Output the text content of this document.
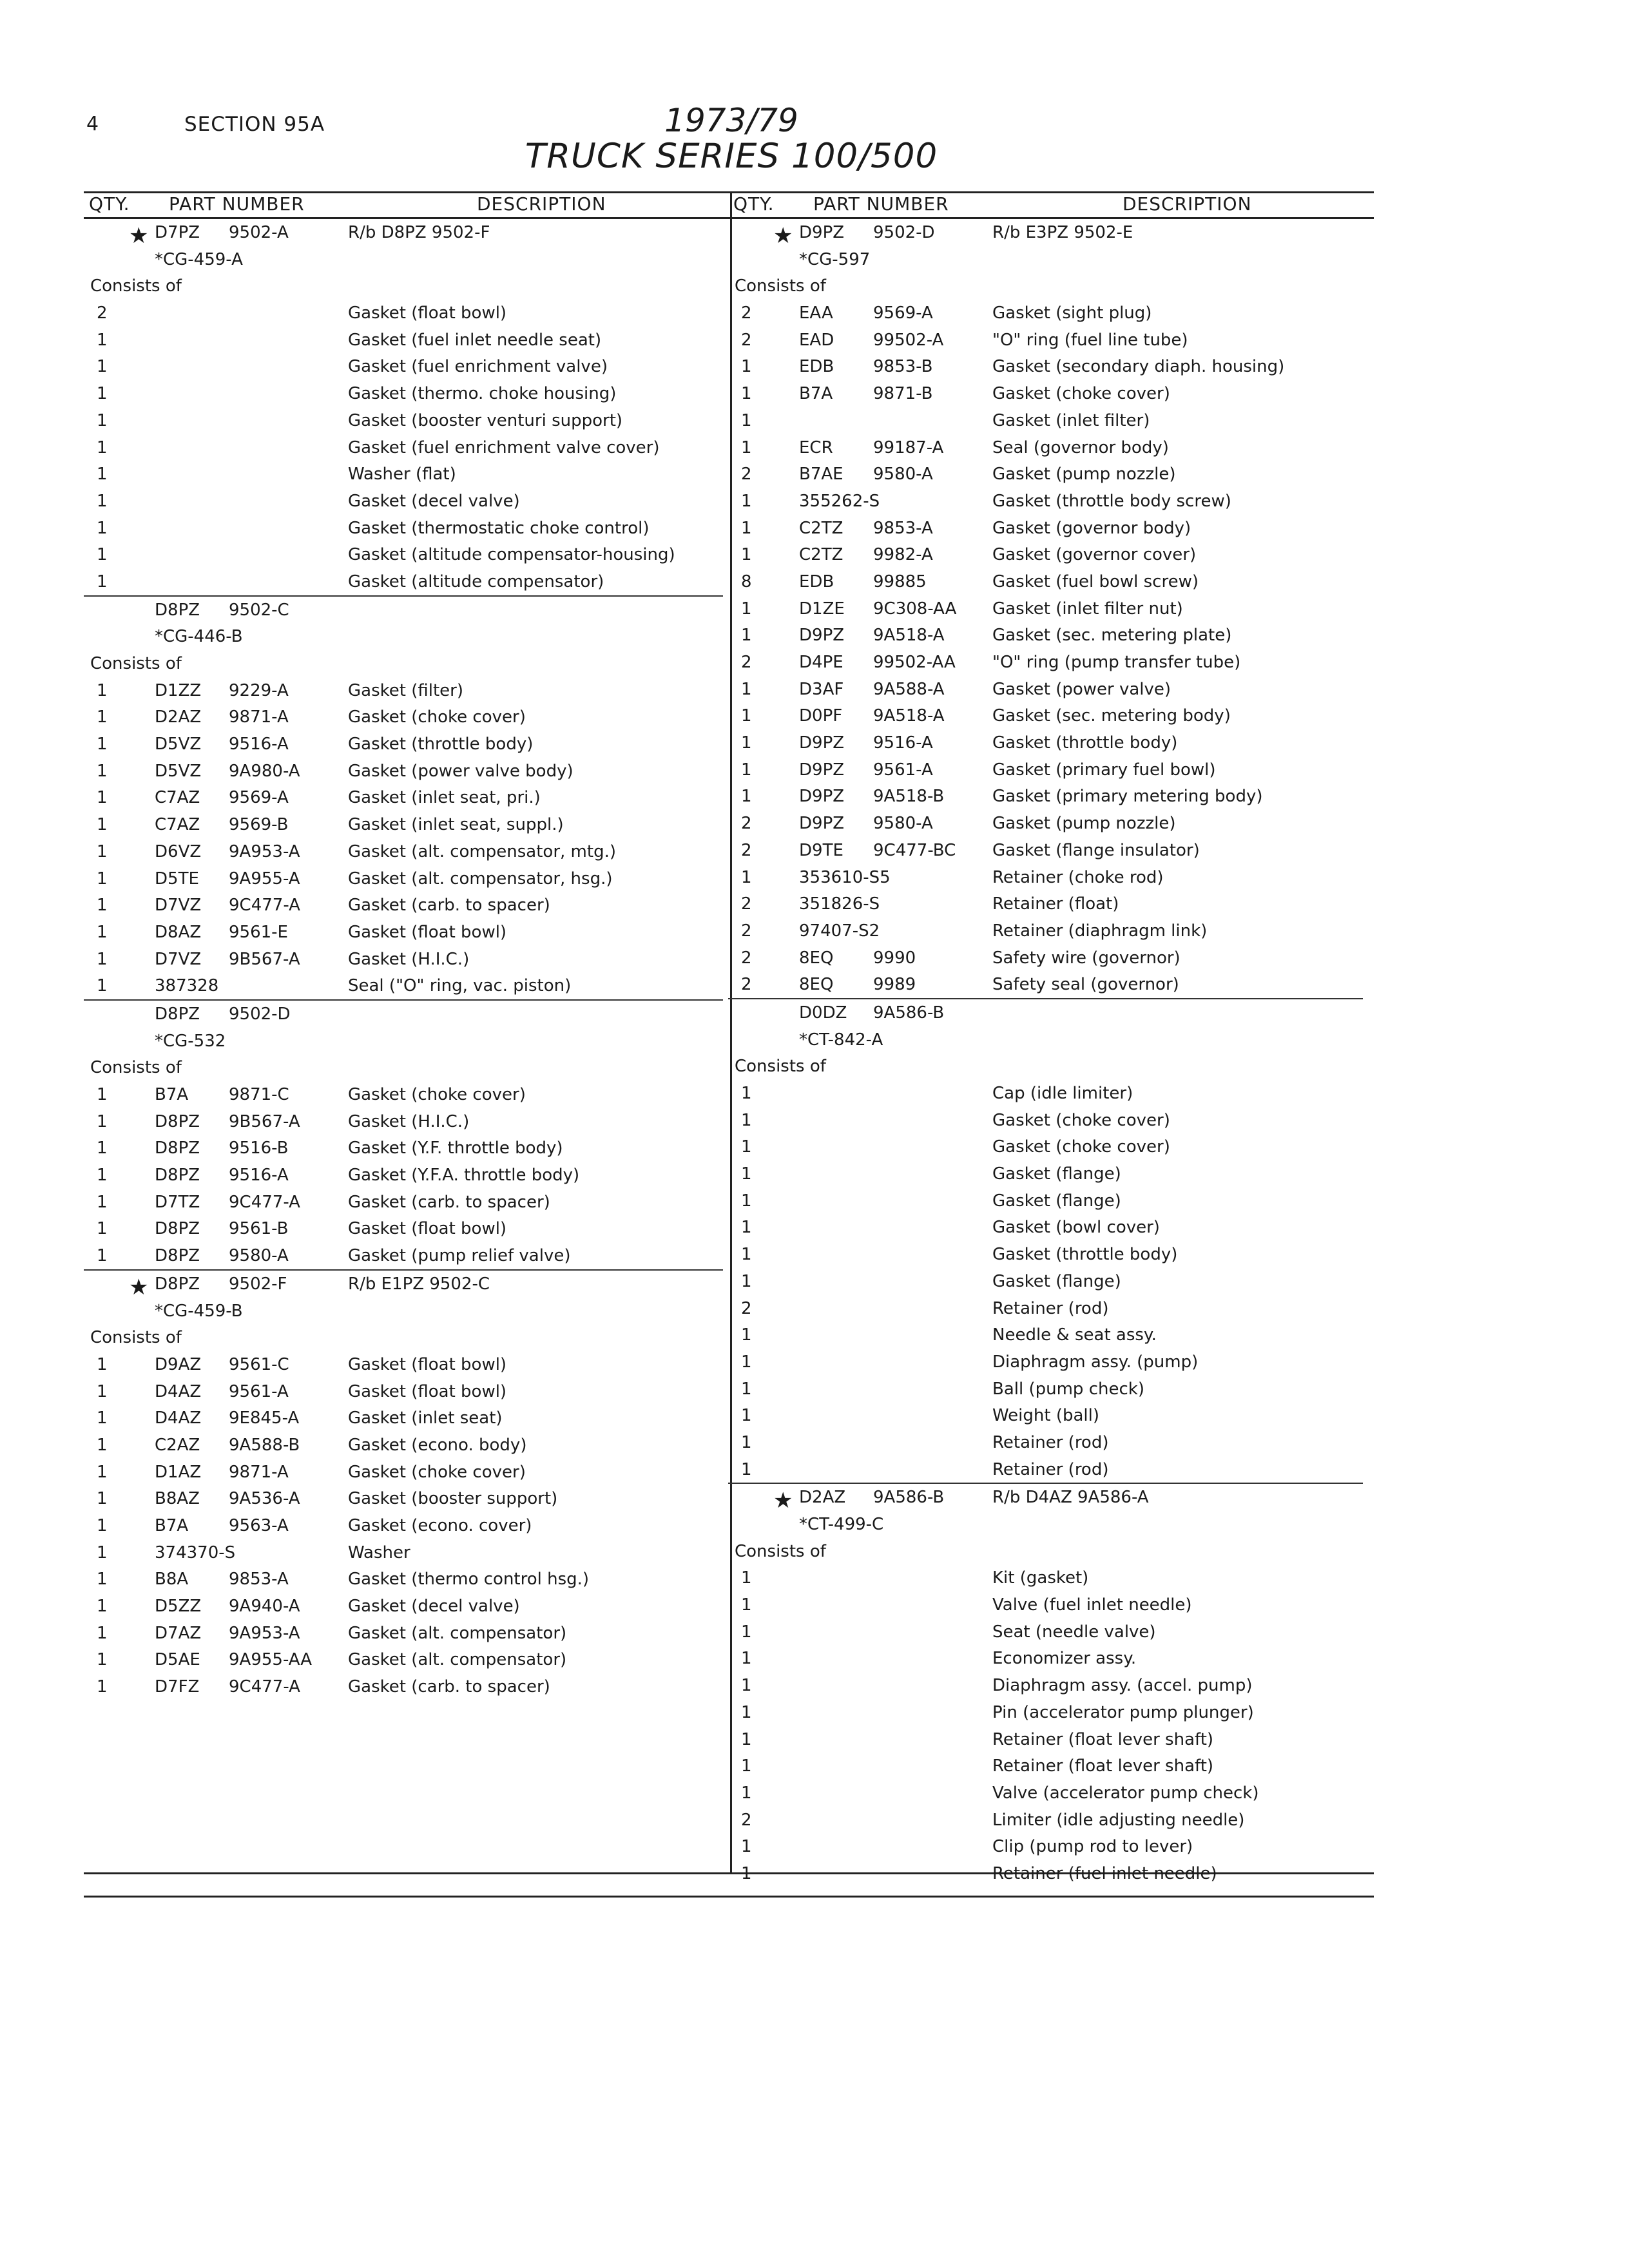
4	SECTION 95A	1973/79
TRUCK SERIES 100/500
QTY. PART NUMBER	DESCRIPTION	QTY. PART NUMBER	DESCRIPTION
★ D7PZ 9502-A	R/b D8PZ 9502-F
*CG-459-A
Consists of
2	Gasket (float bowl)
1	Gasket (fuel inlet needle seat)
1	Gasket (fuel enrichment valve)
1	Gasket (thermo. choke housing)
1	Gasket (booster venturi support)
1	Gasket (fuel enrichment valve cover)
1	Washer (flat)
1	Gasket (decel valve)
1	Gasket (thermostatic choke control)
1	Gasket (altitude compensator-housing)
1	Gasket (altitude compensator)
D8PZ 9502-C
*CG-446-B
Consists of
1	D1ZZ 9229-A	Gasket (filter)
1	D2AZ 9871-A	Gasket (choke cover)
1	D5VZ 9516-A	Gasket (throttle body)
1	D5VZ 9A980-A	Gasket (power valve body)
1	C7AZ 9569-A	Gasket (inlet seat, pri.)
1	C7AZ 9569-B	Gasket (inlet seat, suppl.)
1	D6VZ 9A953-A	Gasket (alt. compensator, mtg.)
1	D5TE 9A955-A	Gasket (alt. compensator, hsg.)
1	D7VZ 9C477-A	Gasket (carb. to spacer)
1	D8AZ 9561-E	Gasket (float bowl)
1	D7VZ 9B567-A	Gasket (H.I.C.)
1	387328	Seal ("O" ring, vac. piston)
D8PZ 9502-D
*CG-532
Consists of
1	B7A 9871-C	Gasket (choke cover)
1	D8PZ 9B567-A	Gasket (H.I.C.)
1	D8PZ 9516-B	Gasket (Y.F. throttle body)
1	D8PZ 9516-A	Gasket (Y.F.A. throttle body)
1	D7TZ 9C477-A	Gasket (carb. to spacer)
1	D8PZ 9561-B	Gasket (float bowl)
1	D8PZ 9580-A	Gasket (pump relief valve)
★ D8PZ 9502-F	R/b E1PZ 9502-C
*CG-459-B
Consists of
1	D9AZ 9561-C	Gasket (float bowl)
1	D4AZ 9561-A	Gasket (float bowl)
1	D4AZ 9E845-A	Gasket (inlet seat)
1	C2AZ 9A588-B	Gasket (econo. body)
1	D1AZ 9871-A	Gasket (choke cover)
1	B8AZ 9A536-A	Gasket (booster support)
1	B7A 9563-A	Gasket (econo. cover)
1	374370-S	Washer
1	B8A 9853-A	Gasket (thermo control hsg.)
1	D5ZZ 9A940-A	Gasket (decel valve)
1	D7AZ 9A953-A	Gasket (alt. compensator)
1	D5AE 9A955-AA Gasket (alt. compensator)
1	D7FZ 9C477-A	Gasket (carb. to spacer)
★ D9PZ 9502-D	R/b E3PZ 9502-E
*CG-597
Consists of
2	EAA 9569-A	Gasket (sight plug)
2	EAD 99502-A	"O" ring (fuel line tube)
1	EDB 9853-B	Gasket (secondary diaph. housing)
1	B7A 9871-B	Gasket (choke cover)
1	Gasket (inlet filter)
1	ECR 99187-A	Seal (governor body)
2	B7AE 9580-A	Gasket (pump nozzle)
1	355262-S	Gasket (throttle body screw)
1	C2TZ 9853-A	Gasket (governor body)
1	C2TZ 9982-A	Gasket (governor cover)
8	EDB 99885	Gasket (fuel bowl screw)
1	D1ZE 9C308-AA Gasket (inlet filter nut)
1	D9PZ 9A518-A	Gasket (sec. metering plate)
2	D4PE 99502-AA "O" ring (pump transfer tube)
1	D3AF 9A588-A	Gasket (power valve)
1	D0PF 9A518-A	Gasket (sec. metering body)
1	D9PZ 9516-A	Gasket (throttle body)
1	D9PZ 9561-A	Gasket (primary fuel bowl)
1	D9PZ 9A518-B	Gasket (primary metering body)
2	D9PZ 9580-A	Gasket (pump nozzle)
2	D9TE 9C477-BC Gasket (flange insulator)
1	353610-S5	Retainer (choke rod)
2	351826-S	Retainer (float)
2	97407-S2	Retainer (diaphragm link)
2	8EQ 9990	Safety wire (governor)
2	8EQ 9989	Safety seal (governor)
D0DZ 9A586-B
*CT-842-A
Consists of
1	Cap (idle limiter)
1	Gasket (choke cover)
1	Gasket (choke cover)
1	Gasket (flange)
1	Gasket (flange)
1	Gasket (bowl cover)
1	Gasket (throttle body)
1	Gasket (flange)
2	Retainer (rod)
1	Needle & seat assy.
1	Diaphragm assy. (pump)
1	Ball (pump check)
1	Weight (ball)
1	Retainer (rod)
1	Retainer (rod)
★ D2AZ 9A586-B	R/b D4AZ 9A586-A
*CT-499-C
Consists of
1	Kit (gasket)
1	Valve (fuel inlet needle)
1	Seat (needle valve)
1	Economizer assy.
1	Diaphragm assy. (accel. pump)
1	Pin (accelerator pump plunger)
1	Retainer (float lever shaft)
1	Retainer (float lever shaft)
1	Valve (accelerator pump check)
2	Limiter (idle adjusting needle)
1	Clip (pump rod to lever)
1	Retainer (fuel inlet needle)
